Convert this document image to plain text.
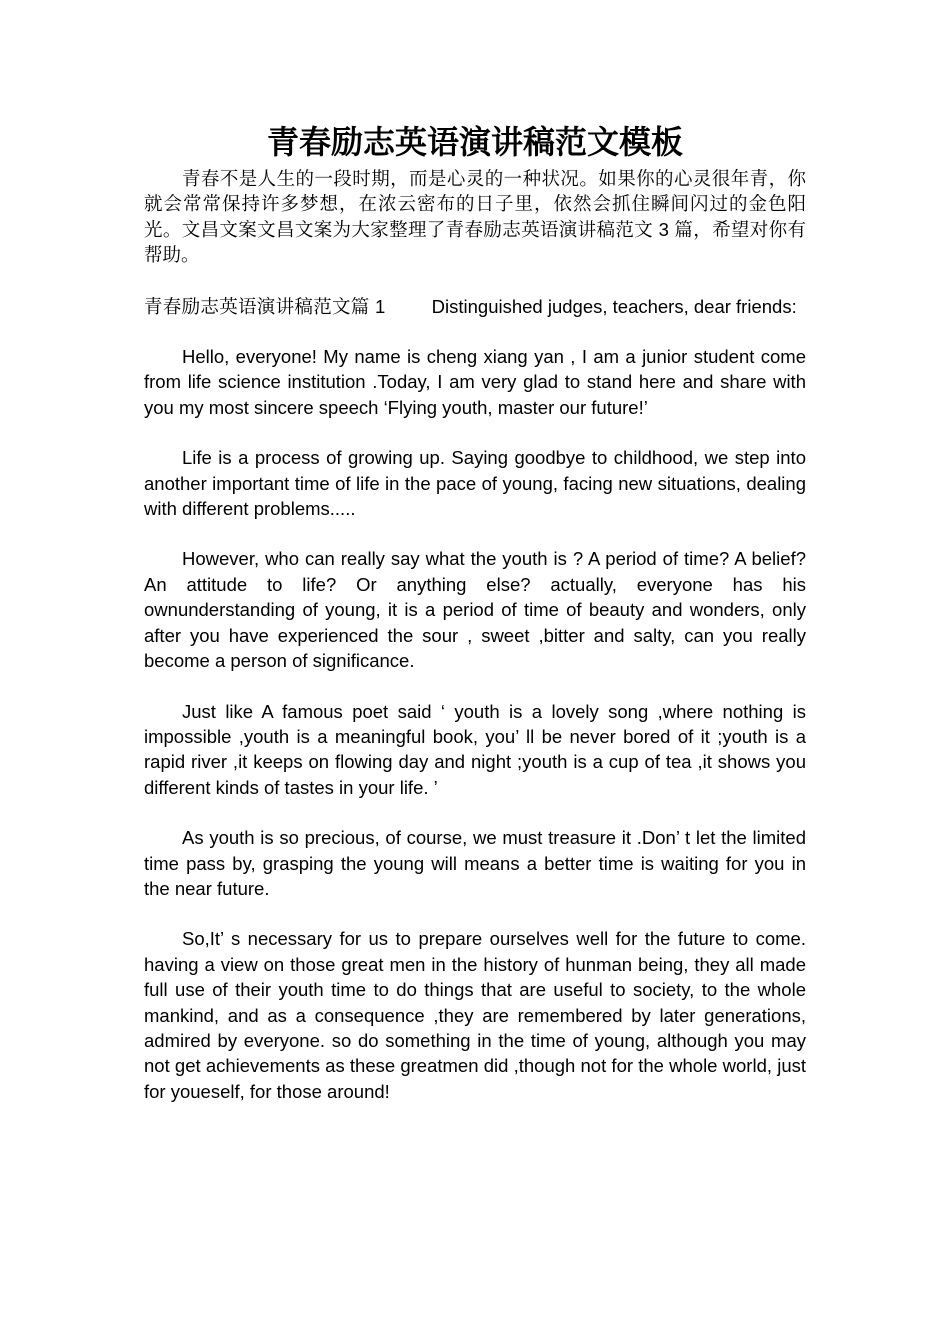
青春励志英语演讲稿范文模板

青春不是人生的一段时期，而是心灵的一种状况。如果你的心灵很年青，你就会常常保持许多梦想，在浓云密布的日子里，依然会抓住瞬间闪过的金色阳光。文昌文案文昌文案为大家整理了青春励志英语演讲稿范文 3 篇，希望对你有帮助。

青春励志英语演讲稿范文篇 1 Distinguished judges, teachers, dear friends:

Hello, everyone! My name is cheng xiang yan , I am a junior student come from life science institution .Today, I am very glad to stand here and share with you my most sincere speech ‘Flying youth, master our future!’

Life is a process of growing up. Saying goodbye to childhood, we step into another important time of life in the pace of young, facing new situations, dealing with different problems.....

However, who can really say what the youth is ? A period of time? A belief?An attitude to life? Or anything else? actually, everyone has his ownunderstanding of young, it is a period of time of beauty and wonders, only after you have experienced the sour , sweet ,bitter and salty, can you really become a person of significance.

Just like A famous poet said ‘ youth is a lovely song ,where nothing is impossible ,youth is a meaningful book, you’ ll be never bored of it ;youth is a rapid river ,it keeps on flowing day and night ;youth is a cup of tea ,it shows you different kinds of tastes in your life. ’

As youth is so precious, of course, we must treasure it .Don’ t let the limited time pass by, grasping the young will means a better time is waiting for you in the near future.

So,It’ s necessary for us to prepare ourselves well for the future to come. having a view on those great men in the history of hunman being, they all made full use of their youth time to do things that are useful to society, to the whole mankind, and as a consequence ,they are remembered by later generations, admired by everyone. so do something in the time of young, although you may not get achievements as these greatmen did ,though not for the whole world, just for youeself, for those around!
